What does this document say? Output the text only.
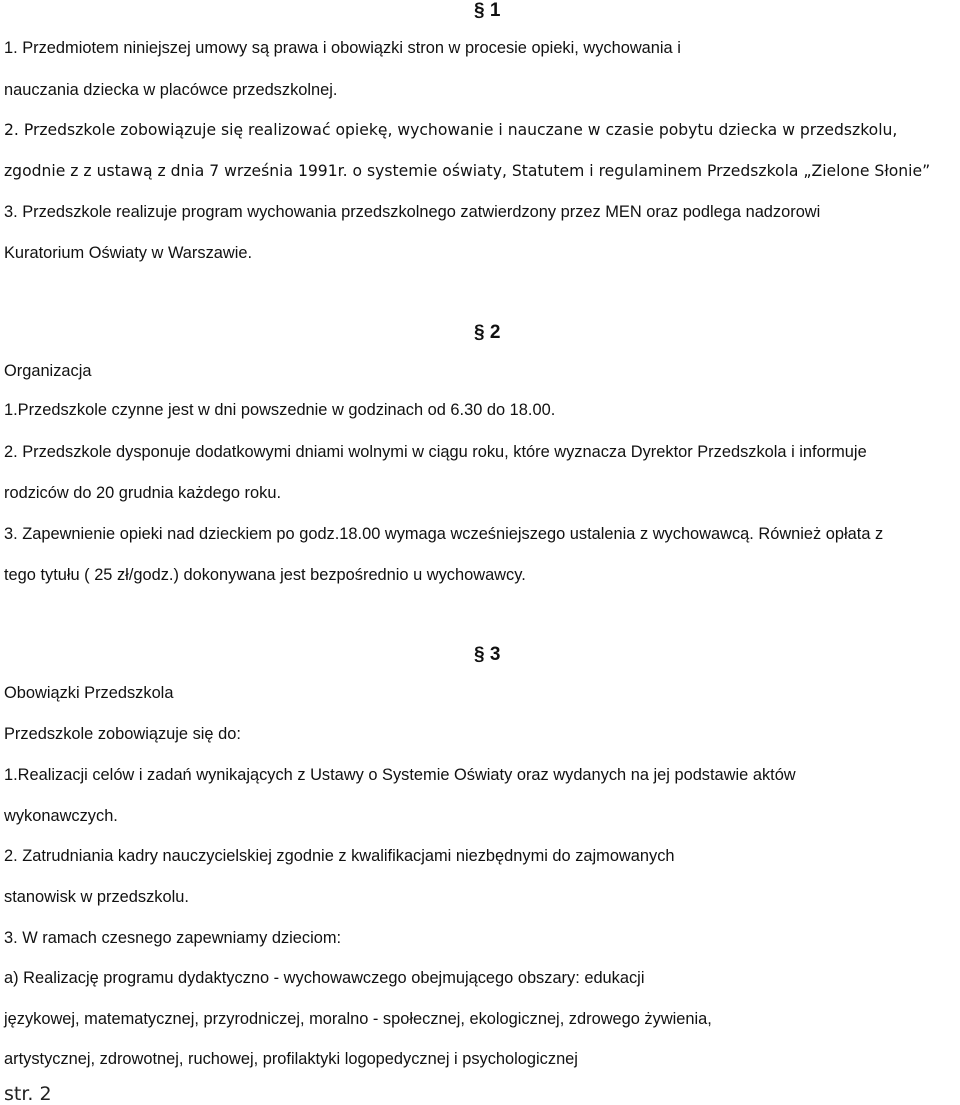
§ 1
1. Przedmiotem niniejszej umowy są prawa i obowiązki stron w procesie opieki, wychowania i
nauczania dziecka w placówce przedszkolnej.
2. Przedszkole zobowiązuje się realizować opiekę, wychowanie i nauczane w czasie pobytu dziecka w przedszkolu,
zgodnie z z ustawą z dnia 7 września 1991r. o systemie oświaty, Statutem i regulaminem Przedszkola „Zielone Słonie”
3. Przedszkole realizuje program wychowania przedszkolnego zatwierdzony przez MEN oraz podlega nadzorowi
Kuratorium Oświaty w Warszawie.
§ 2
Organizacja
1.Przedszkole czynne jest w dni powszednie w godzinach od 6.30 do 18.00.
2. Przedszkole dysponuje dodatkowymi dniami wolnymi w ciągu roku, które wyznacza Dyrektor Przedszkola i informuje
rodziców do 20 grudnia każdego roku.
3. Zapewnienie opieki nad dzieckiem po godz.18.00 wymaga wcześniejszego ustalenia z wychowawcą. Również opłata z
tego tytułu ( 25 zł/godz.) dokonywana jest bezpośrednio u wychowawcy.
§ 3
Obowiązki Przedszkola
Przedszkole zobowiązuje się do:
1.Realizacji celów i zadań wynikających z Ustawy o Systemie Oświaty oraz wydanych na jej podstawie aktów
wykonawczych.
2. Zatrudniania kadry nauczycielskiej zgodnie z kwalifikacjami niezbędnymi do zajmowanych
stanowisk w przedszkolu.
3. W ramach czesnego zapewniamy dzieciom:
a) Realizację programu dydaktyczno - wychowawczego obejmującego obszary: edukacji
językowej, matematycznej, przyrodniczej, moralno - społecznej, ekologicznej, zdrowego żywienia,
artystycznej, zdrowotnej, ruchowej, profilaktyki logopedycznej i psychologicznej
str. 2
